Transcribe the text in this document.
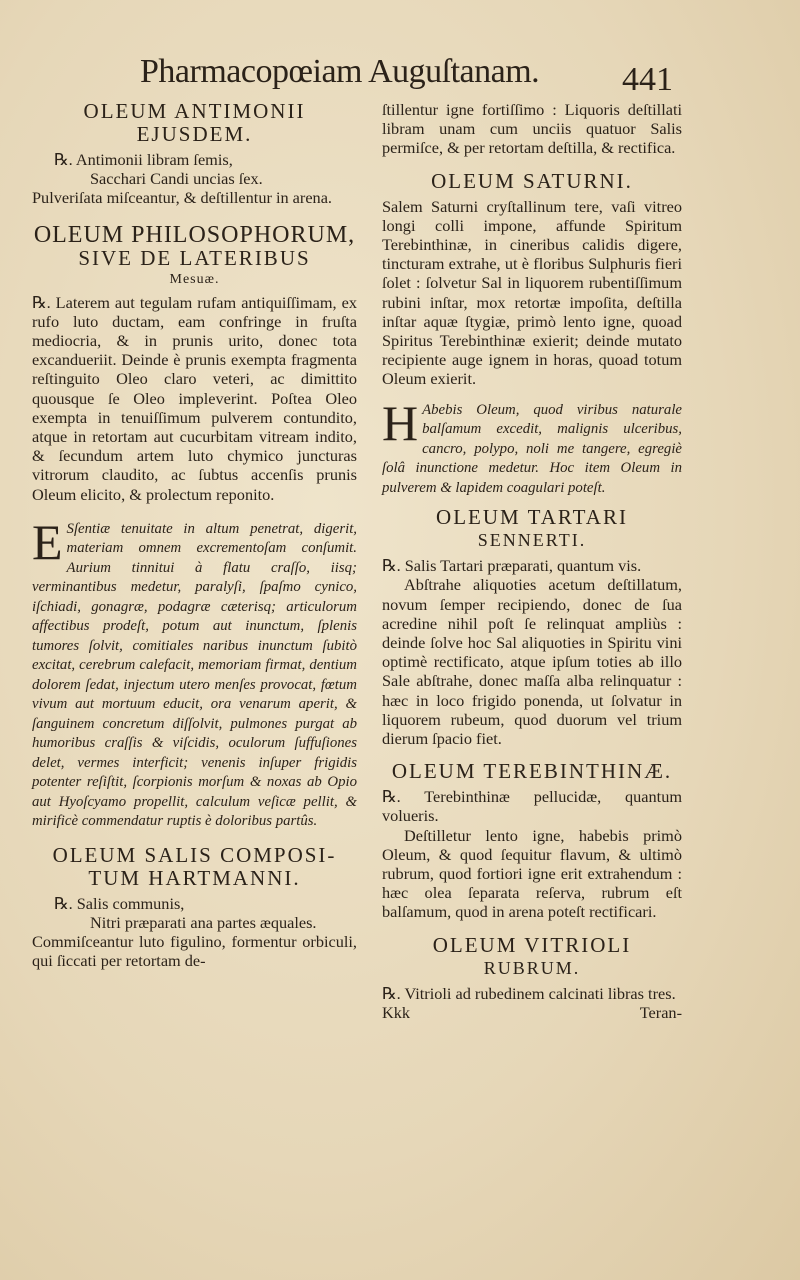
Pharmacopœiam Auguſtanam.	441
OLEUM ANTIMONII
EJUSDEM.

℞. Antimonii libram ſemis,

Sacchari Candi uncias ſex.

Pulveriſata miſceantur, & deſtillentur in arena.

OLEUM PHILOSOPHORUM,
SIVE DE LATERIBUS
Mesuæ.

℞. Laterem aut tegulam rufam antiquiſſimam, ex rufo luto ductam, eam confringe in fruſta mediocria, & in prunis urito, donec tota excandueriit. Deinde è prunis exempta fragmenta reſtinguito Oleo claro veteri, ac dimittito quousque ſe Oleo impleverint. Poſtea Oleo exempta in tenuiſſimum pulverem contundito, atque in retortam aut cucurbitam vitream indito, & ſecundum artem luto chymico juncturas vitrorum claudito, ac ſubtus accenſis prunis Oleum elicito, & prolectum reponito.

E Sſentiæ tenuitate in altum penetrat, digerit, materiam omnem excrementoſam conſumit. Aurium tinnitui à flatu craſſo, iisq; verminantibus medetur, paralyſi, ſpaſmo cynico, iſchiadi, gonagræ, podagræ cæterisq; articulorum affectibus prodeſt, potum aut inunctum, ſplenis tumores ſolvit, comitiales naribus inunctum ſubitò excitat, cerebrum calefacit, memoriam firmat, dentium dolorem ſedat, injectum utero menſes provocat, fœtum vivum aut mortuum educit, ora venarum aperit, & ſanguinem concretum diſſolvit, pulmones purgat ab humoribus craſſis & viſcidis, oculorum ſuffuſiones delet, vermes interficit; venenis inſuper frigidis potenter reſiſtit, ſcorpionis morſum & noxas ab Opio aut Hyoſcyamo propellit, calculum veſicæ pellit, & mirificè commendatur ruptis è doloribus partûs.

OLEUM SALIS COMPOSI-
TUM HARTMANNI.

℞. Salis communis,

Nitri præparati ana partes æquales.

Commiſceantur luto figulino, formentur orbiculi, qui ſiccati per retortam de-

ſtillentur igne fortiſſimo : Liquoris deſtillati libram unam cum unciis quatuor Salis permiſce, & per retortam deſtilla, & rectifica.

OLEUM SATURNI.

Salem Saturni cryſtallinum tere, vaſi vitreo longi colli impone, affunde Spiritum Terebinthinæ, in cineribus calidis digere, tincturam extrahe, ut è floribus Sulphuris fieri ſolet : ſolvetur Sal in liquorem rubentiſſimum rubini inſtar, mox retortæ impoſita, deſtilla inſtar aquæ ſtygiæ, primò lento igne, quoad Spiritus Terebinthinæ exierit; deinde mutato recipiente auge ignem in horas, quoad totum Oleum exierit.

H Abebis Oleum, quod viribus naturale balſamum excedit, malignis ulceribus, cancro, polypo, noli me tangere, egregiè ſolâ inunctione medetur. Hoc item Oleum in pulverem & lapidem coagulari poteſt.

OLEUM TARTARI
SENNERTI.

℞. Salis Tartari præparati, quantum vis.

Abſtrahe aliquoties acetum deſtillatum, novum ſemper recipiendo, donec de ſua acredine nihil poſt ſe relinquat ampliùs : deinde ſolve hoc Sal aliquoties in Spiritu vini optimè rectificato, atque ipſum toties ab illo Sale abſtrahe, donec maſſa alba relinquatur : hæc in loco frigido ponenda, ut ſolvatur in liquorem rubeum, quod duorum vel trium dierum ſpacio fiet.

OLEUM TEREBINTHINÆ.

℞. Terebinthinæ pellucidæ, quantum volueris.

Deſtilletur lento igne, habebis primò Oleum, & quod ſequitur flavum, & ultimò rubrum, quod fortiori igne erit extrahendum : hæc olea ſeparata reſerva, rubrum eſt balſamum, quod in arena poteſt rectificari.

OLEUM VITRIOLI
RUBRUM.

℞. Vitrioli ad rubedinem calcinati libras tres.

Kkk	Teran-
